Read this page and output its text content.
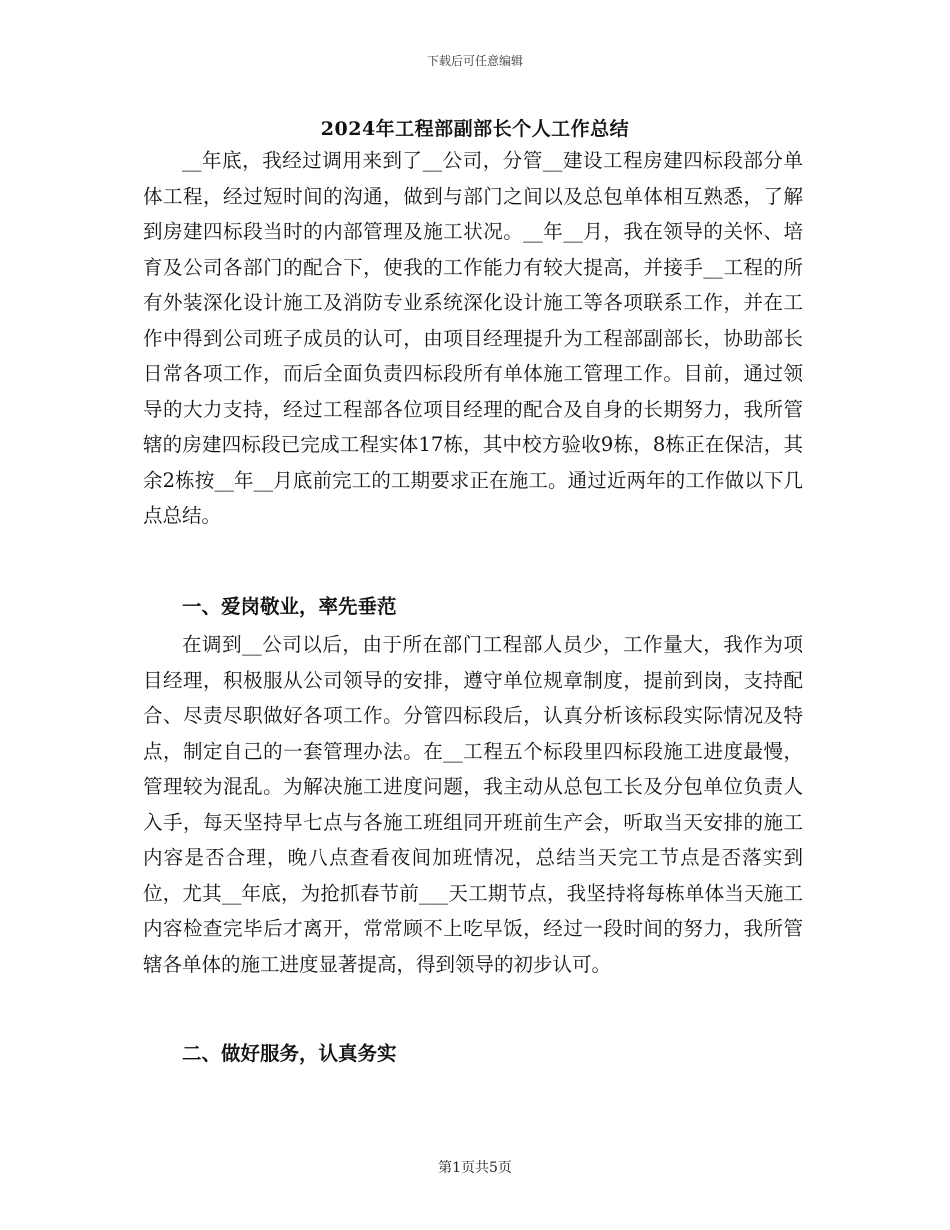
下载后可任意编辑
2024年工程部副部长个人工作总结

__年底，我经过调用来到了__公司，分管__建设工程房建四标段部分单体工程，经过短时间的沟通，做到与部门之间以及总包单体相互熟悉，了解到房建四标段当时的内部管理及施工状况。__年__月，我在领导的关怀、培育及公司各部门的配合下，使我的工作能力有较大提高，并接手__工程的所有外装深化设计施工及消防专业系统深化设计施工等各项联系工作，并在工作中得到公司班子成员的认可，由项目经理提升为工程部副部长，协助部长日常各项工作，而后全面负责四标段所有单体施工管理工作。目前，通过领导的大力支持，经过工程部各位项目经理的配合及自身的长期努力，我所管辖的房建四标段已完成工程实体17栋，其中校方验收9栋，8栋正在保洁，其余2栋按__年__月底前完工的工期要求正在施工。通过近两年的工作做以下几点总结。

一、爱岗敬业，率先垂范

在调到__公司以后，由于所在部门工程部人员少，工作量大，我作为项目经理，积极服从公司领导的安排，遵守单位规章制度，提前到岗，支持配合、尽责尽职做好各项工作。分管四标段后，认真分析该标段实际情况及特点，制定自己的一套管理办法。在__工程五个标段里四标段施工进度最慢，管理较为混乱。为解决施工进度问题，我主动从总包工长及分包单位负责人入手，每天坚持早七点与各施工班组同开班前生产会，听取当天安排的施工内容是否合理，晚八点查看夜间加班情况，总结当天完工节点是否落实到位，尤其__年底，为抢抓春节前___天工期节点，我坚持将每栋单体当天施工内容检查完毕后才离开，常常顾不上吃早饭，经过一段时间的努力，我所管辖各单体的施工进度显著提高，得到领导的初步认可。

二、做好服务，认真务实

第1页共5页
